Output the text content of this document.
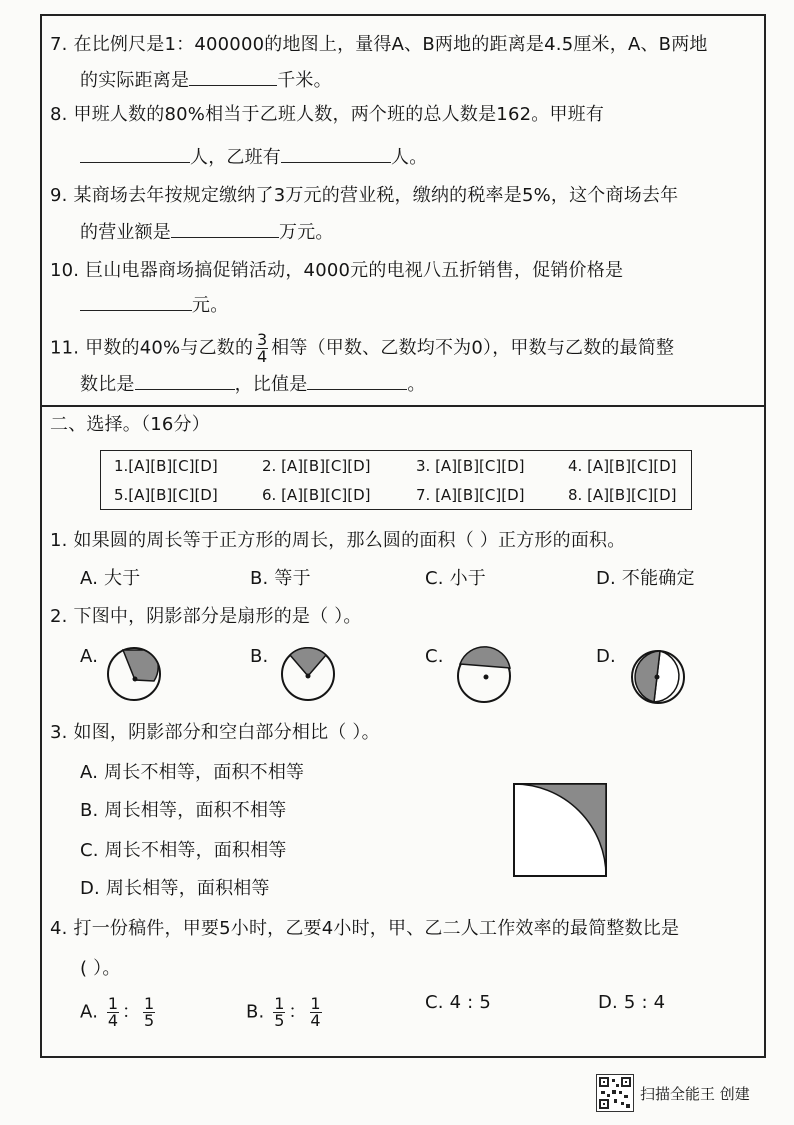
7. 在比例尺是1：400000的地图上，量得A、B两地的距离是4.5厘米，A、B两地
的实际距离是	千米。
8. 甲班人数的80%相当于乙班人数，两个班的总人数是162。甲班有
人，乙班有	人。
9. 某商场去年按规定缴纳了3万元的营业税，缴纳的税率是5%，这个商场去年
的营业额是	万元。
10. 巨山电器商场搞促销活动，4000元的电视八五折销售，促销价格是
元。
11. 甲数的40%与乙数的 $\frac{3}{4}$ 相等（甲数、乙数均不为0），甲数与乙数的最简整
数比是	，比值是	。
二、选择。（16分）
1.[A][B][C][D]	2. [A][B][C][D]	3. [A][B][C][D]	4. [A][B][C][D]
5.[A][B][C][D]	6. [A][B][C][D]	7. [A][B][C][D]	8. [A][B][C][D]
1. 如果圆的周长等于正方形的周长，那么圆的面积（ ）正方形的面积。
A. 大于	B. 等于	C. 小于	D. 不能确定
2. 下图中，阴影部分是扇形的是（ ）。
A.	B.	C.	D.
3. 如图，阴影部分和空白部分相比（ ）。
A. 周长不相等，面积不相等
B. 周长相等，面积不相等
C. 周长不相等，面积相等
D. 周长相等，面积相等
4. 打一份稿件，甲要5小时，乙要4小时，甲、乙二人工作效率的最简整数比是
( ）。
A. $\frac{1}{4}$ ： $\frac{1}{5}$	B. $\frac{1}{5}$ ： $\frac{1}{4}$	C. 4 : 5	D. 5 : 4
扫描全能王 创建
